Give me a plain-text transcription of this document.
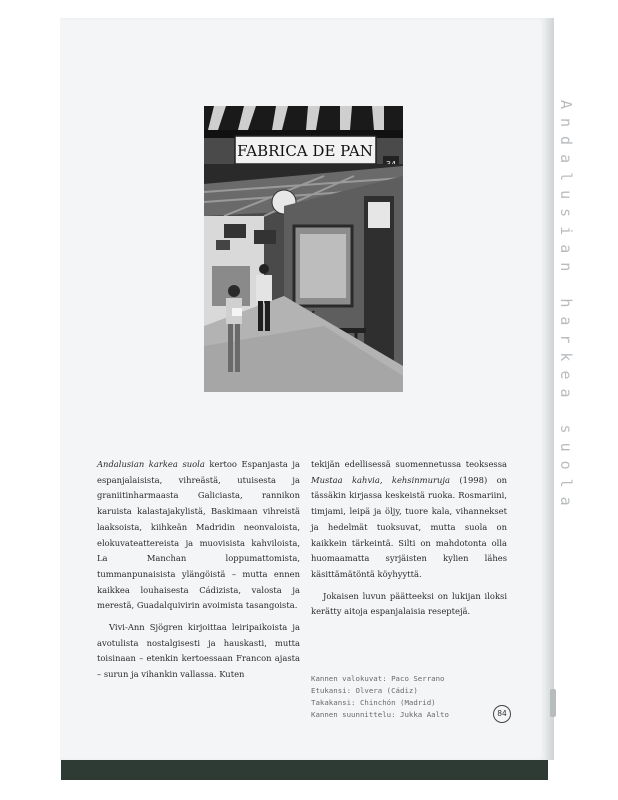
Andalusian harkea suola
FABRICA DE PAN

Andalusian karkea suola kertoo Espanjasta ja espanjalaisista, vihreästä, utuisesta ja graniitinharmaasta Galiciasta, rannikon karuista kalastajakylistä, Baskimaan vihreistä laaksoista, kiihkeän Madridin neonvaloista, elokuvateattereista ja muovisista kahviloista, La Manchan loppumattomista, tummanpunaisista ylängöistä – mutta ennen kaikkea louhaisesta Cádizista, valosta ja merestä, Guadalquivirin avoimista tasangoista.

Vivi-Ann Sjögren kirjoittaa leiripaikoista ja avotulista nostalgisesti ja hauskasti, mutta toisinaan – etenkin kertoessaan Francon ajasta – surun ja vihankin vallassa. Kuten

tekijän edellisessä suomennetussa teoksessa Mustaa kahvia, kehsinmuruja (1998) on tässäkin kirjassa keskeistä ruoka. Rosmariini, timjami, leipä ja öljy, tuore kala, vihannekset ja hedelmät tuoksuvat, mutta suola on kaikkein tärkeintä. Silti on mahdotonta olla huomaamatta syrjäisten kylien lähes käsittämätöntä köyhyyttä.

Jokaisen luvun päätteeksi on lukijan iloksi kerätty aitoja espanjalaisia reseptejä.

Kannen valokuvat: Paco Serrano
Etukansi: Olvera (Cádiz)
Takakansi: Chinchón (Madrid)
Kannen suunnittelu: Jukka Aalto	84
